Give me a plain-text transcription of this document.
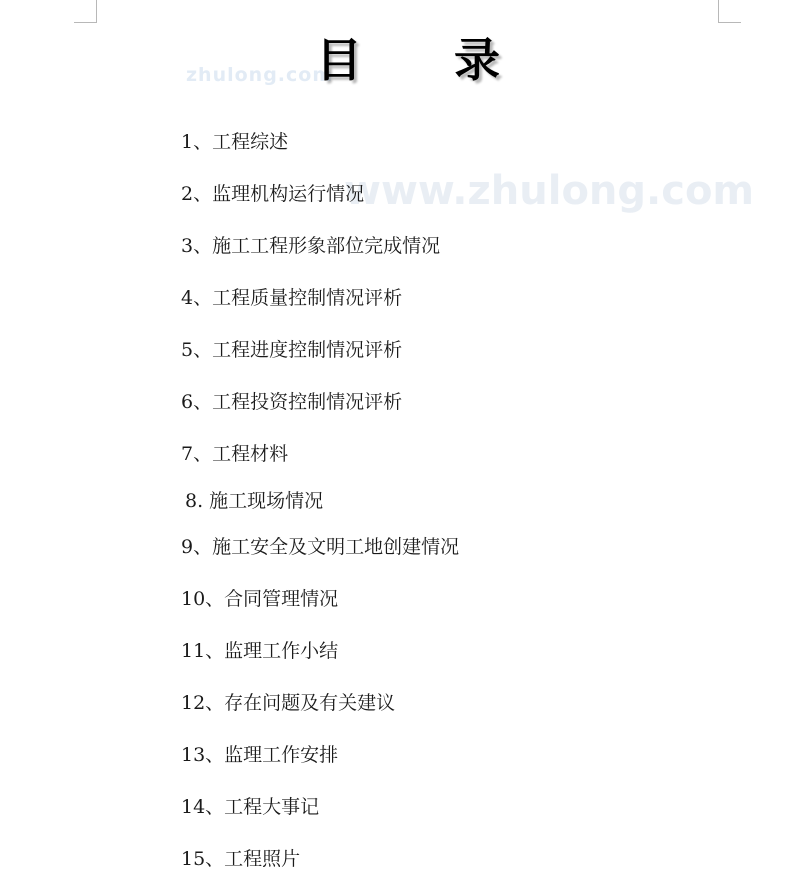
zhulong.com
www.zhulong.com
目 录
1、工程综述
2、监理机构运行情况
3、施工工程形象部位完成情况
4、工程质量控制情况评析
5、工程进度控制情况评析
6、工程投资控制情况评析
7、工程材料
8. 施工现场情况
9、施工安全及文明工地创建情况
10、合同管理情况
11、监理工作小结
12、存在问题及有关建议
13、监理工作安排
14、工程大事记
15、工程照片
